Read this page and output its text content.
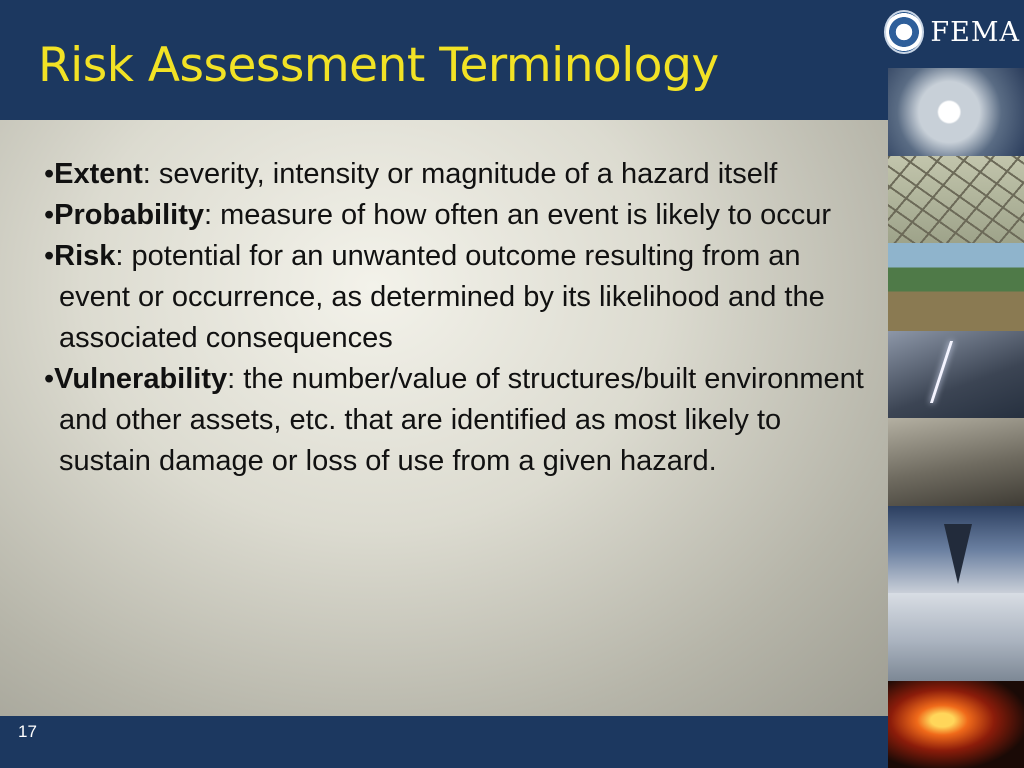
Risk Assessment Terminology
FEMA
•Extent: severity, intensity or magnitude of a hazard itself
•Probability: measure of how often an event is likely to occur
•Risk: potential for an unwanted outcome resulting from an event or occurrence, as determined by its likelihood and the associated consequences
•Vulnerability: the number/value of structures/built environment and other assets, etc. that are identified as most likely to sustain damage or loss of use from a given hazard.
17
